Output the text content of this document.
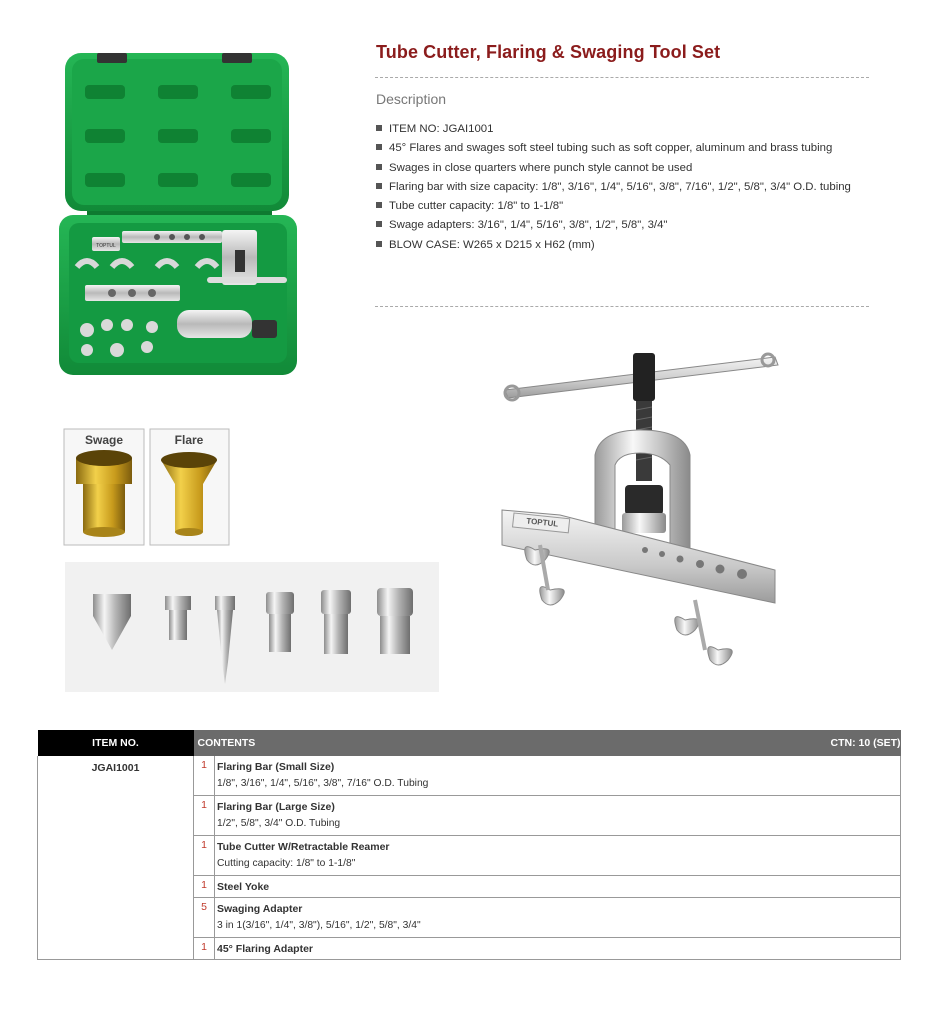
TOPTUL
Swage	Flare
TOPTUL
Tube Cutter, Flaring & Swaging Tool Set
Description
ITEM NO: JGAI1001
45° Flares and swages soft steel tubing such as soft copper, aluminum and brass tubing
Swages in close quarters where punch style cannot be used
Flaring bar with size capacity: 1/8", 3/16", 1/4", 5/16", 3/8", 7/16", 1/2", 5/8", 3/4" O.D. tubing
Tube cutter capacity: 1/8" to 1-1/8"
Swage adapters: 3/16", 1/4", 5/16", 3/8", 1/2", 5/8", 3/4"
BLOW CASE: W265 x D215 x H62 (mm)
ITEM NO.	CONTENTS CTN: 10 (SET)	

JGAI1001	1	Flaring Bar (Small Size)
1/8", 3/16", 1/4", 5/16", 3/8", 7/16" O.D. Tubing

	1	Flaring Bar (Large Size)
1/2", 5/8", 3/4" O.D. Tubing

	1	Tube Cutter W/Retractable Reamer
Cutting capacity: 1/8" to 1-1/8"

	1	Steel Yoke

	5	Swaging Adapter
3 in 1(3/16", 1/4", 3/8"), 5/16", 1/2", 5/8", 3/4"

	1	45° Flaring Adapter
